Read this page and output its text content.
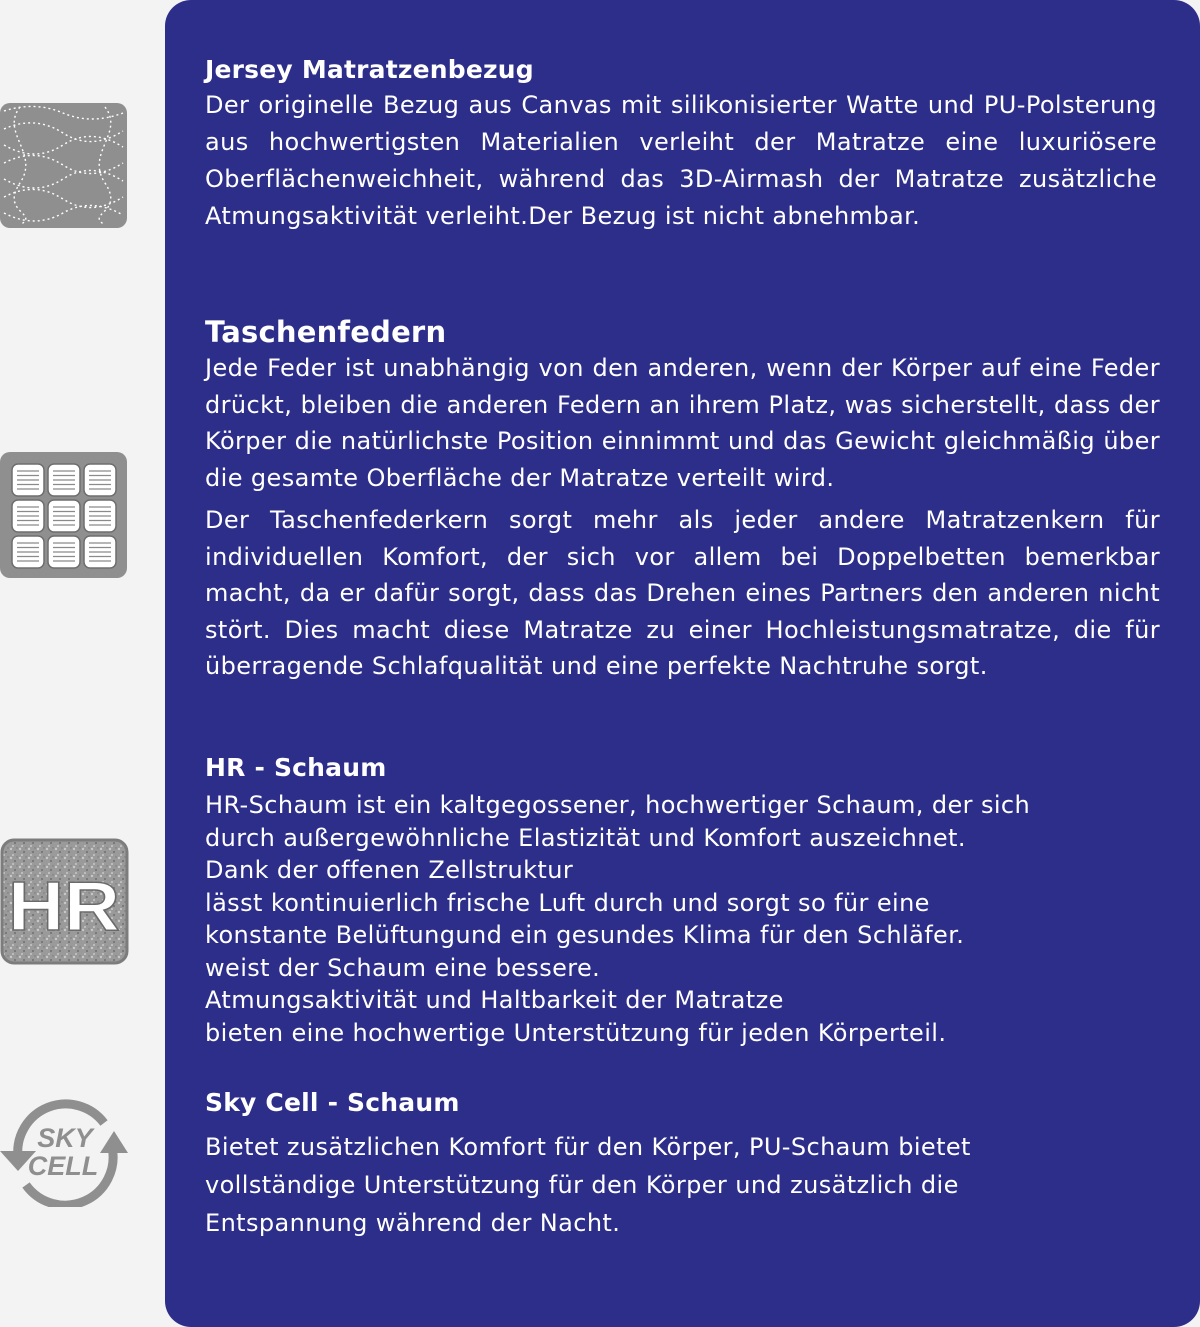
HR
SKY
CELL
Jersey Matratzenbezug

Der originelle Bezug aus Canvas mit silikonisierter Watte und PU-Polsterung aus hochwertigsten Materialien verleiht der Matratze eine luxuriösere Oberflächenweichheit, während das 3D-Airmash der Matratze zusätzliche Atmungsaktivität verleiht.Der Bezug ist nicht abnehmbar.

Taschenfedern

Jede Feder ist unabhängig von den anderen, wenn der Körper auf eine Feder drückt, bleiben die anderen Federn an ihrem Platz, was sicherstellt, dass der Körper die natürlichste Position einnimmt und das Gewicht gleichmäßig über die gesamte Oberfläche der Matratze verteilt wird.

Der Taschenfederkern sorgt mehr als jeder andere Matratzenkern für individuellen Komfort, der sich vor allem bei Doppelbetten bemerkbar macht, da er dafür sorgt, dass das Drehen eines Partners den anderen nicht stört. Dies macht diese Matratze zu einer Hochleistungsmatratze, die für überragende Schlafqualität und eine perfekte Nachtruhe sorgt.

HR - Schaum

HR-Schaum ist ein kaltgegossener, hochwertiger Schaum, der sich

durch außergewöhnliche Elastizität und Komfort auszeichnet.

Dank der offenen Zellstruktur

lässt kontinuierlich frische Luft durch und sorgt so für eine

konstante Belüftungund ein gesundes Klima für den Schläfer.

weist der Schaum eine bessere.

Atmungsaktivität und Haltbarkeit der Matratze

bieten eine hochwertige Unterstützung für jeden Körperteil.

Sky Cell - Schaum

Bietet zusätzlichen Komfort für den Körper, PU-Schaum bietet

vollständige Unterstützung für den Körper und zusätzlich die

Entspannung während der Nacht.
